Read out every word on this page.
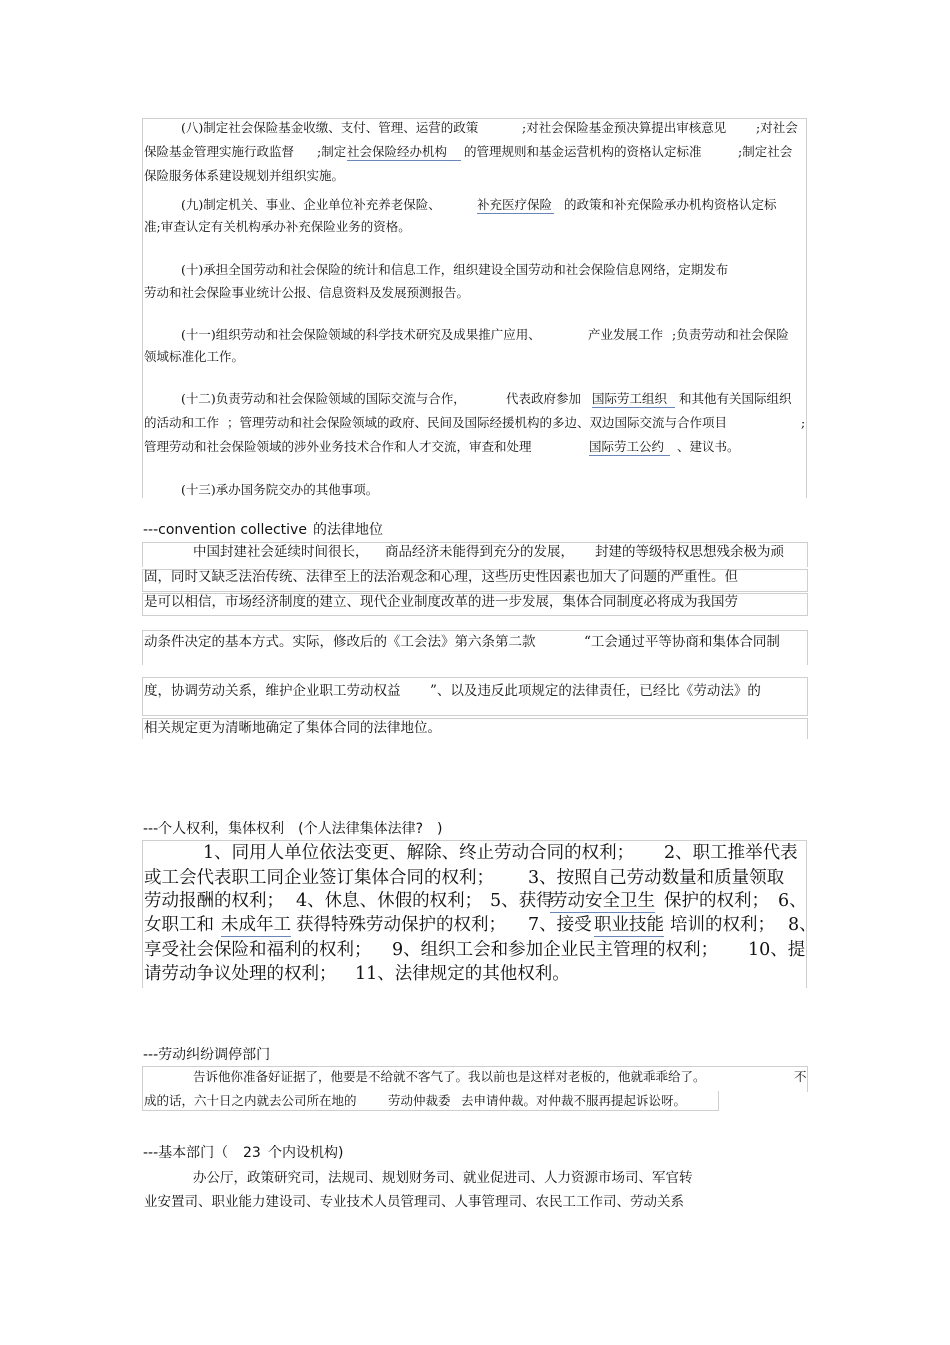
(八)制定社会保险基金收缴、支付、管理、运营的政策	;对社会保险基金预决算提出审核意见 ;对社会
保险基金管理实施行政监督 ;制定 社会保险经办机构	的管理规则和基金运营机构的资格认定标准	;制定社会
保险服务体系建设规划并组织实施。
(九)制定机关、事业、企业单位补充养老保险、	补充医疗保险 的政策和补充保险承办机构资格认定标
准;审查认定有关机构承办补充保险业务的资格。
(十)承担全国劳动和社会保险的统计和信息工作，组织建设全国劳动和社会保险信息网络，定期发布
劳动和社会保险事业统计公报、信息资料及发展预测报告。
(十一)组织劳动和社会保险领域的科学技术研究及成果推广应用、	产业发展工作 ;负责劳动和社会保险
领域标准化工作。
(十二)负责劳动和社会保险领域的国际交流与合作，	代表政府参加 国际劳工组织 和其他有关国际组织
的活动和工作 ；管理劳动和社会保险领域的政府、民间及国际经援机构的多边、双边国际交流与合作项目	;
管理劳动和社会保险领域的涉外业务技术合作和人才交流，审查和处理	国际劳工公约	、建议书。
(十三)承办国务院交办的其他事项。
---convention collective 的法律地位
中国封建社会延续时间很长， 商品经济未能得到充分的发展， 封建的等级特权思想残余极为顽
固，同时又缺乏法治传统、法律至上的法治观念和心理，这些历史性因素也加大了问题的严重性。但
是可以相信，市场经济制度的建立、现代企业制度改革的进一步发展，集体合同制度必将成为我国劳
动条件决定的基本方式。实际，修改后的《工会法》第六条第二款	“工会通过平等协商和集体合同制
度，协调劳动关系，维护企业职工劳动权益 ”、以及违反此项规定的法律责任，已经比《劳动法》的
相关规定更为清晰地确定了集体合同的法律地位。
---个人权利，集体权利　(个人法律集体法律?　)
1、同用人单位依法变更、解除、终止劳动合同的权利； 2、职工推举代表
或工会代表职工同企业签订集体合同的权利； 3、按照自己劳动数量和质量领取
劳动报酬的权利； 4、休息、休假的权利； 5、获得
劳动安全卫生 保护的权利； 6、
女职工和 未成年工 获得特殊劳动保护的权利； 7、接受 职业技能 培训的权利； 8、
享受社会保险和福利的权利； 9、组织工会和参加企业民主管理的权利； 10、提
请劳动争议处理的权利； 11、法律规定的其他权利。
---劳动纠纷调停部门
告诉他你准备好证据了，他要是不给就不客气了。我以前也是这样对老板的，他就乖乖给了。	不
成的话，六十日之内就去公司所在地的	劳动仲裁委 去申请仲裁。对仲裁不服再提起诉讼呀。
---基本部门（ 23 个内设机构)
办公厅，政策研究司，法规司、规划财务司、就业促进司、人力资源市场司、军官转
业安置司、职业能力建设司、专业技术人员管理司、人事管理司、农民工工作司、劳动关系
